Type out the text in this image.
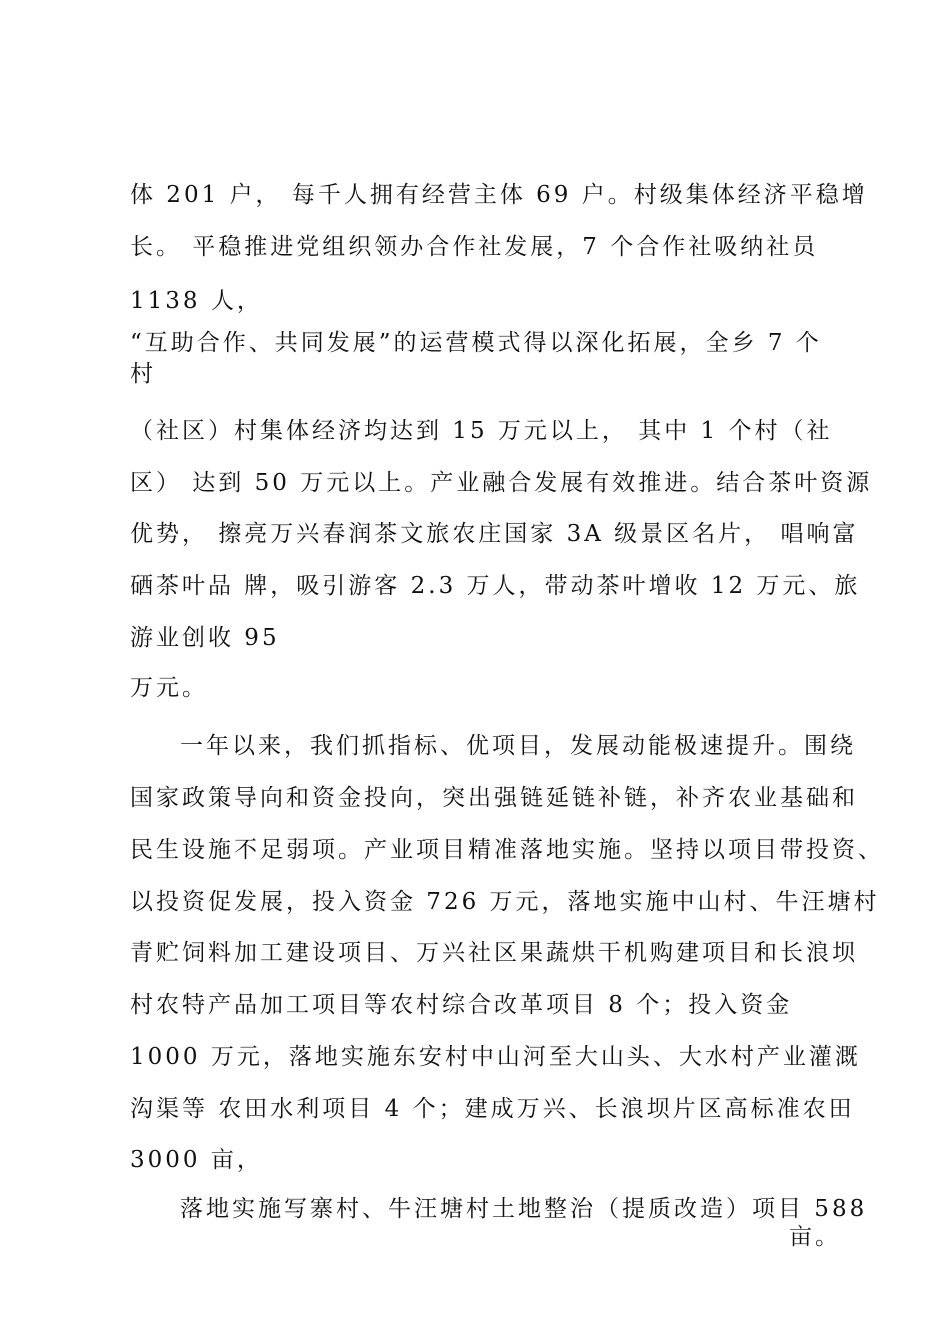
体 201 户， 每千人拥有经营主体 69 户。村级集体经济平稳增
长。 平稳推进党组织领办合作社发展，7 个合作社吸纳社员
1138 人，
“互助合作、共同发展”的运营模式得以深化拓展，全乡 7 个
村
（社区）村集体经济均达到 15 万元以上， 其中 1 个村（社
区） 达到 50 万元以上。产业融合发展有效推进。结合茶叶资源
优势， 擦亮万兴春润茶文旅农庄国家 3A 级景区名片， 唱响富
硒茶叶品 牌，吸引游客 2.3 万人，带动茶叶增收 12 万元、旅
游业创收 95
万元。
一年以来，我们抓指标、优项目，发展动能极速提升。围绕
国家政策导向和资金投向，突出强链延链补链，补齐农业基础和
民生设施不足弱项。产业项目精准落地实施。坚持以项目带投资、
以投资促发展，投入资金 726 万元，落地实施中山村、牛汪塘村
青贮饲料加工建设项目、万兴社区果蔬烘干机购建项目和长浪坝
村农特产品加工项目等农村综合改革项目 8 个；投入资金
1000 万元，落地实施东安村中山河至大山头、大水村产业灌溉
沟渠等 农田水利项目 4 个；建成万兴、长浪坝片区高标准农田
3000 亩，
落地实施写寨村、牛汪塘村土地整治（提质改造）项目 588
亩。
